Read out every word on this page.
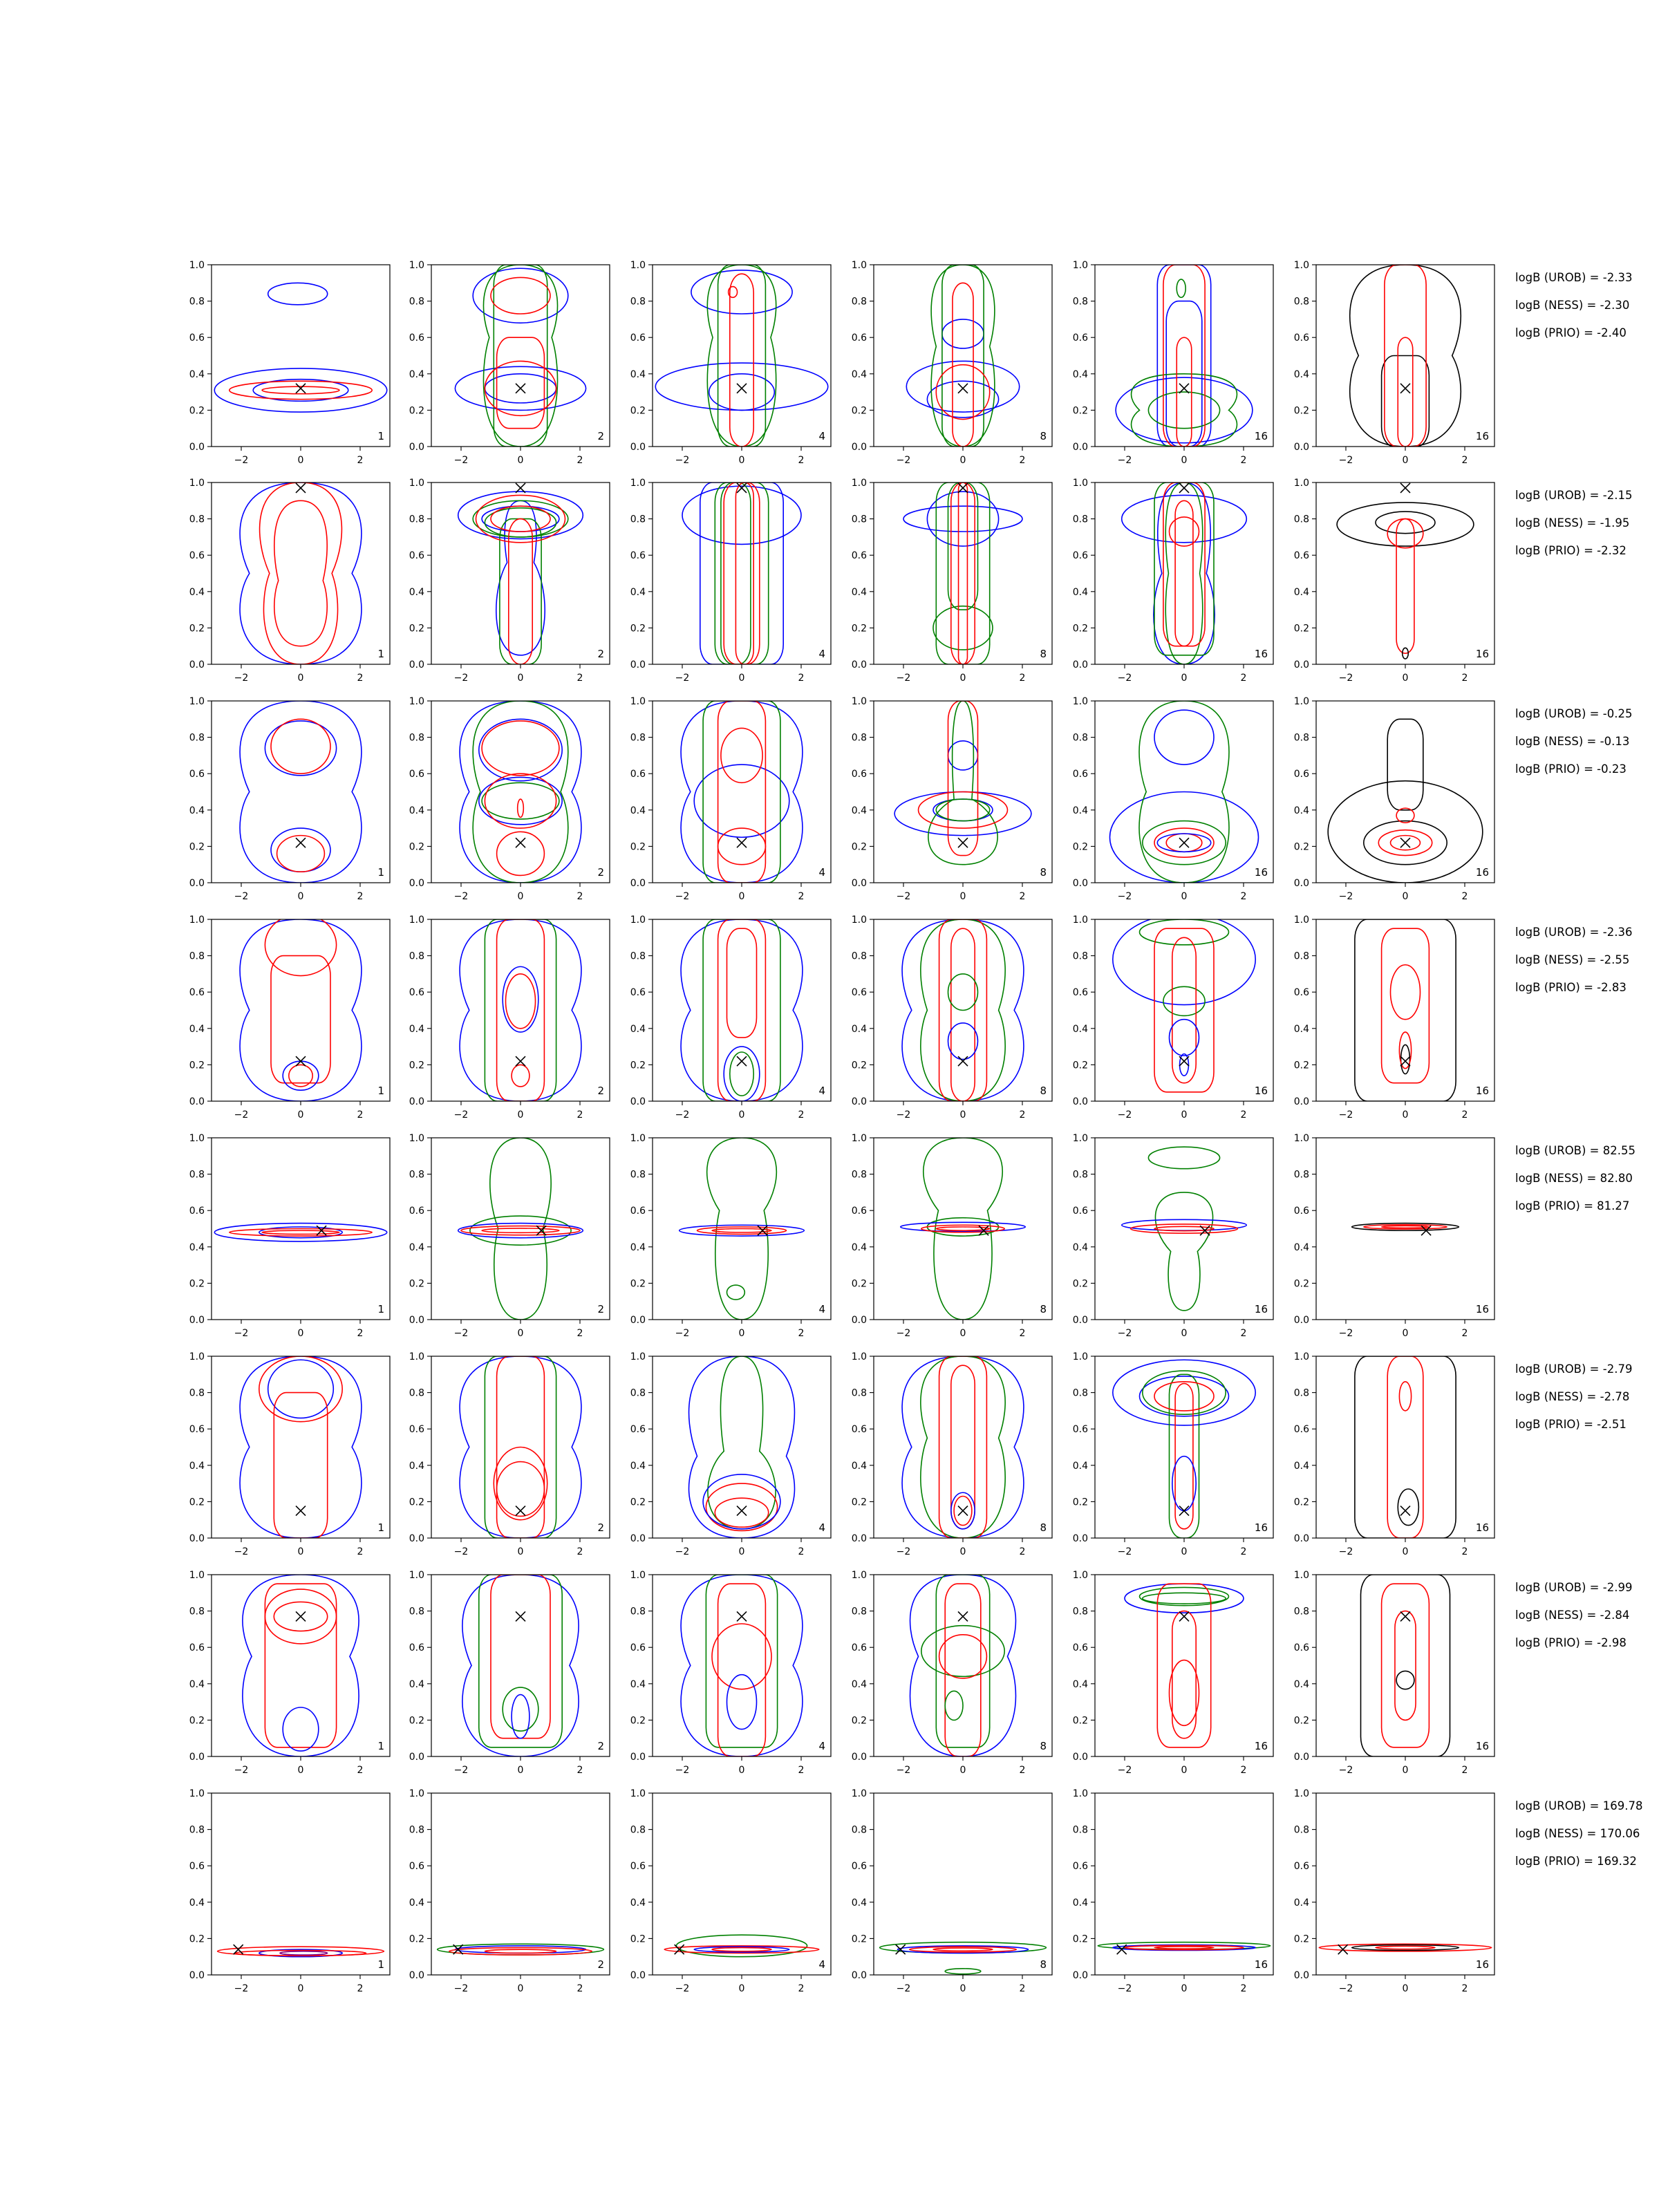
−2	0	2
0.0
0.2
0.4
0.6
0.8
1.0
1
−2	0	2
0.0
0.2
0.4
0.6
0.8
1.0
2
−2	0	2
0.0
0.2
0.4
0.6
0.8
1.0
4
−2	0	2
0.0
0.2
0.4
0.6
0.8
1.0
8
−2	0	2
0.0
0.2
0.4
0.6
0.8
1.0
16
−2	0	2
0.0
0.2
0.4
0.6
0.8
1.0
16
−2	0	2
0.0
0.2
0.4
0.6
0.8
1.0
1
−2	0	2
0.0
0.2
0.4
0.6
0.8
1.0
2
−2	0	2
0.0
0.2
0.4
0.6
0.8
1.0
4
−2	0	2
0.0
0.2
0.4
0.6
0.8
1.0
8
−2	0	2
0.0
0.2
0.4
0.6
0.8
1.0
16
−2	0	2
0.0
0.2
0.4
0.6
0.8
1.0
16
−2	0	2
0.0
0.2
0.4
0.6
0.8
1.0
1
−2	0	2
0.0
0.2
0.4
0.6
0.8
1.0
2
−2	0	2
0.0
0.2
0.4
0.6
0.8
1.0
4
−2	0	2
0.0
0.2
0.4
0.6
0.8
1.0
8
−2	0	2
0.0
0.2
0.4
0.6
0.8
1.0
16
−2	0	2
0.0
0.2
0.4
0.6
0.8
1.0
16
−2	0	2
0.0
0.2
0.4
0.6
0.8
1.0
1
−2	0	2
0.0
0.2
0.4
0.6
0.8
1.0
2
−2	0	2
0.0
0.2
0.4
0.6
0.8
1.0
4
−2	0	2
0.0
0.2
0.4
0.6
0.8
1.0
8
−2	0	2
0.0
0.2
0.4
0.6
0.8
1.0
16
−2	0	2
0.0
0.2
0.4
0.6
0.8
1.0
16
−2	0	2
0.0
0.2
0.4
0.6
0.8
1.0
1
−2	0	2
0.0
0.2
0.4
0.6
0.8
1.0
2
−2	0	2
0.0
0.2
0.4
0.6
0.8
1.0
4
−2	0	2
0.0
0.2
0.4
0.6
0.8
1.0
8
−2	0	2
0.0
0.2
0.4
0.6
0.8
1.0
16
−2	0	2
0.0
0.2
0.4
0.6
0.8
1.0
16
−2	0	2
0.0
0.2
0.4
0.6
0.8
1.0
1
−2	0	2
0.0
0.2
0.4
0.6
0.8
1.0
2
−2	0	2
0.0
0.2
0.4
0.6
0.8
1.0
4
−2	0	2
0.0
0.2
0.4
0.6
0.8
1.0
8
−2	0	2
0.0
0.2
0.4
0.6
0.8
1.0
16
−2	0	2
0.0
0.2
0.4
0.6
0.8
1.0
16
−2	0	2
0.0
0.2
0.4
0.6
0.8
1.0
1
−2	0	2
0.0
0.2
0.4
0.6
0.8
1.0
2
−2	0	2
0.0
0.2
0.4
0.6
0.8
1.0
4
−2	0	2
0.0
0.2
0.4
0.6
0.8
1.0
8
−2	0	2
0.0
0.2
0.4
0.6
0.8
1.0
16
−2	0	2
0.0
0.2
0.4
0.6
0.8
1.0
16
−2	0	2
0.0
0.2
0.4
0.6
0.8
1.0
1
−2	0	2
0.0
0.2
0.4
0.6
0.8
1.0
2
−2	0	2
0.0
0.2
0.4
0.6
0.8
1.0
4
−2	0	2
0.0
0.2
0.4
0.6
0.8
1.0
8
−2	0	2
0.0
0.2
0.4
0.6
0.8
1.0
16
−2	0	2
0.0
0.2
0.4
0.6
0.8
1.0
16
logB (UROB) = -2.33
logB (NESS) = -2.30
logB (PRIO) = -2.40
logB (UROB) = -2.15
logB (NESS) = -1.95
logB (PRIO) = -2.32
logB (UROB) = -0.25
logB (NESS) = -0.13
logB (PRIO) = -0.23
logB (UROB) = -2.36
logB (NESS) = -2.55
logB (PRIO) = -2.83
logB (UROB) = 82.55
logB (NESS) = 82.80
logB (PRIO) = 81.27
logB (UROB) = -2.79
logB (NESS) = -2.78
logB (PRIO) = -2.51
logB (UROB) = -2.99
logB (NESS) = -2.84
logB (PRIO) = -2.98
logB (UROB) = 169.78
logB (NESS) = 170.06
logB (PRIO) = 169.32
